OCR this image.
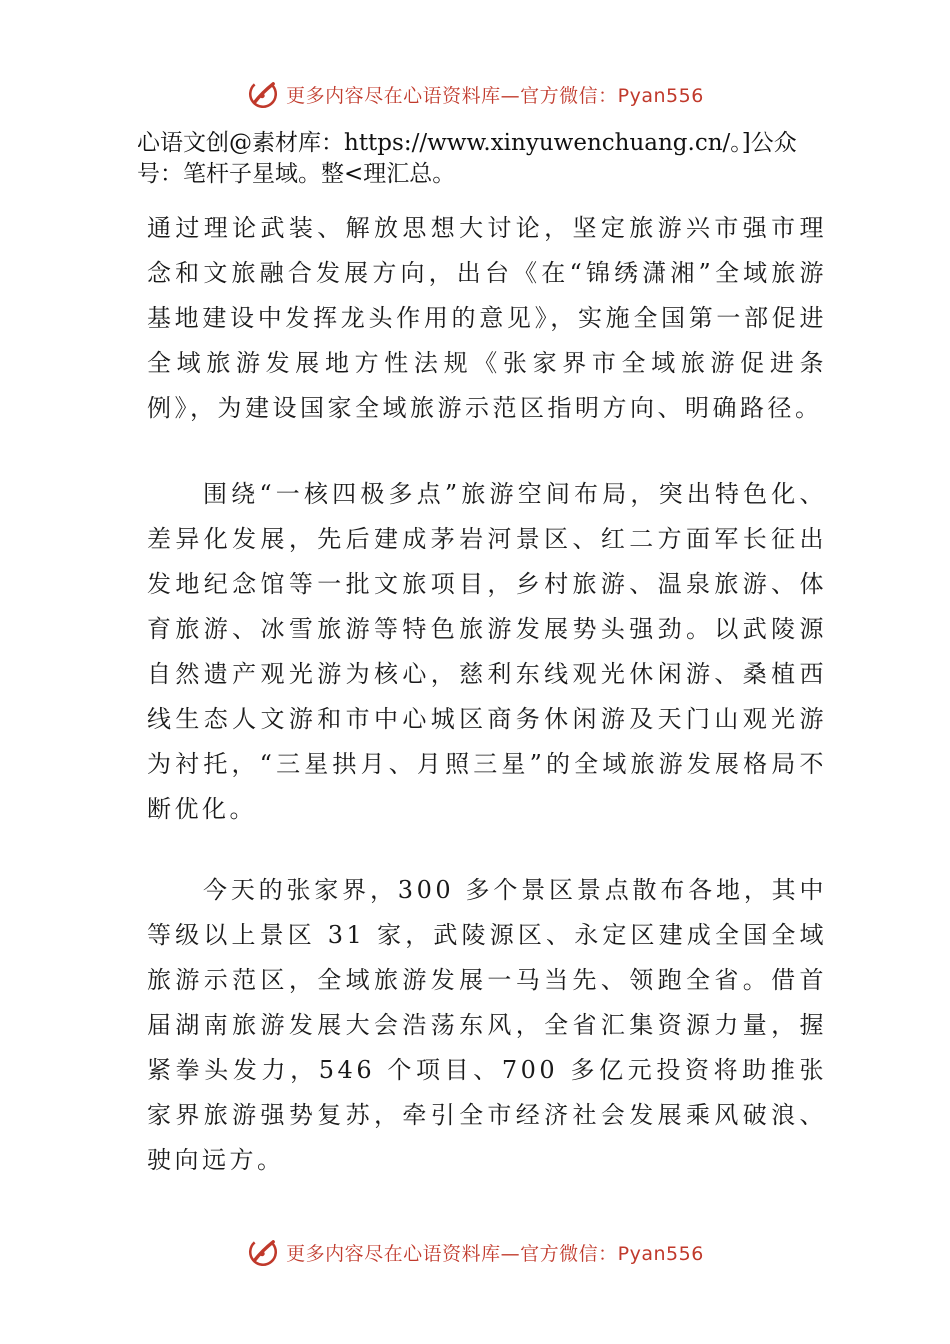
更多内容尽在心语资料库—官方微信：Pyan556
心语文创@素材库：https://www.xinyuwenchuang.cn/。]公众号：笔杆子星域。整<理汇总。

通过理论武装、解放思想大讨论，坚定旅游兴市强市理念和文旅融合发展方向，出台《在“锦绣潇湘”全域旅游基地建设中发挥龙头作用的意见》，实施全国第一部促进全域旅游发展地方性法规《张家界市全域旅游促进条例》，为建设国家全域旅游示范区指明方向、明确路径。

围绕“一核四极多点”旅游空间布局，突出特色化、差异化发展，先后建成茅岩河景区、红二方面军长征出发地纪念馆等一批文旅项目，乡村旅游、温泉旅游、体育旅游、冰雪旅游等特色旅游发展势头强劲。以武陵源自然遗产观光游为核心，慈利东线观光休闲游、桑植西线生态人文游和市中心城区商务休闲游及天门山观光游为衬托，“三星拱月、月照三星”的全域旅游发展格局不断优化。

今天的张家界，300 多个景区景点散布各地，其中等级以上景区 31 家，武陵源区、永定区建成全国全域旅游示范区，全域旅游发展一马当先、领跑全省。借首届湖南旅游发展大会浩荡东风，全省汇集资源力量，握紧拳头发力，546 个项目、700 多亿元投资将助推张家界旅游强势复苏，牵引全市经济社会发展乘风破浪、驶向远方。

更多内容尽在心语资料库—官方微信：Pyan556
